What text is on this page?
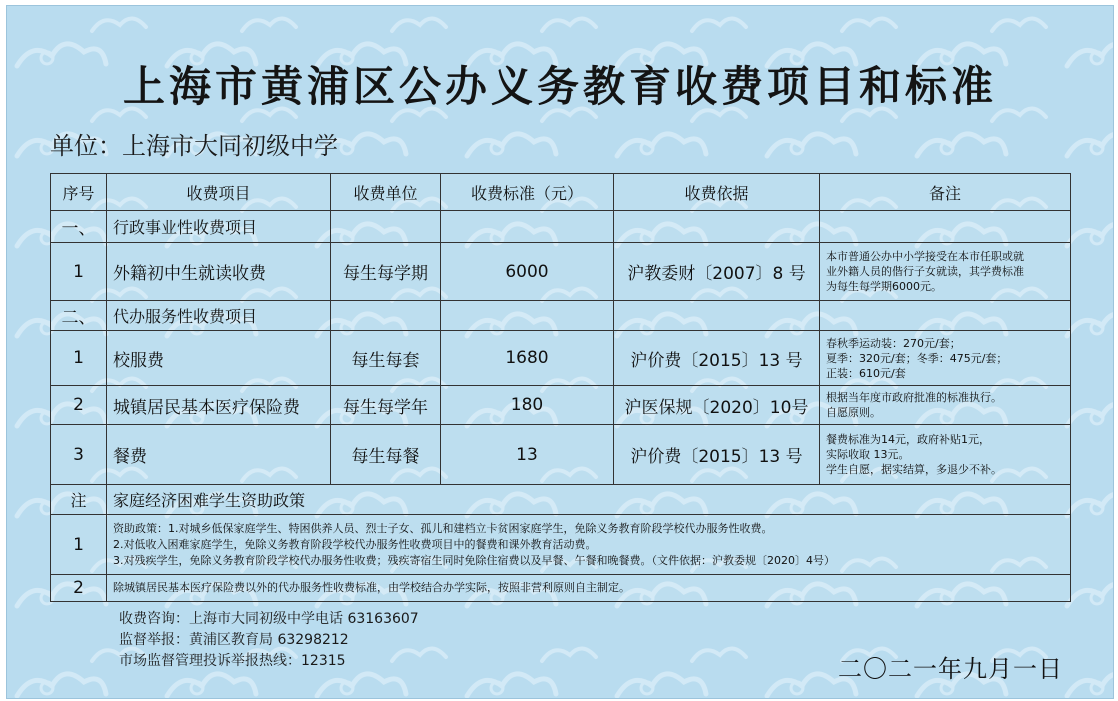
上海市黄浦区公办义务教育收费项目和标准
单位：上海市大同初级中学
序号	收费项目	收费单位	收费标准（元）	收费依据	备注
一、	行政事业性收费项目				
1	外籍初中生就读收费	每生每学期	6000	沪教委财〔2007〕8 号	本市普通公办中小学接受在本市任职或就
业外籍人员的偕行子女就读，其学费标准
为每生每学期6000元。

二、	代办服务性收费项目				
1	校服费	每生每套	1680	沪价费〔2015〕13 号	春秋季运动装：270元/套；
夏季：320元/套；冬季：475元/套；
正装：610元/套

2	城镇居民基本医疗保险费	每生每学年	180	沪医保规〔2020〕10号	根据当年度市政府批准的标准执行。
自愿原则。

3	餐费	每生每餐	13	沪价费〔2015〕13 号	餐费标准为14元，政府补贴1元，
实际收取 13元。
学生自愿，据实结算，多退少不补。

注	家庭经济困难学生资助政策				
1	资助政策：1.对城乡低保家庭学生、特困供养人员、烈士子女、孤儿和建档立卡贫困家庭学生，免除义务教育阶段学校代办服务性收费。
2.对低收入困难家庭学生，免除义务教育阶段学校代办服务性收费项目中的餐费和课外教育活动费。
3.对残疾学生，免除义务教育阶段学校代办服务性收费；残疾寄宿生同时免除住宿费以及早餐、午餐和晚餐费。（文件依据：沪教委规〔2020〕4号）				

2	除城镇居民基本医疗保险费以外的代办服务性收费标准，由学校结合办学实际，按照非营利原则自主制定。				
收费咨询：上海市大同初级中学电话 63163607
监督举报：黄浦区教育局 63298212
市场监督管理投诉举报热线：12315	二〇二一年九月一日
